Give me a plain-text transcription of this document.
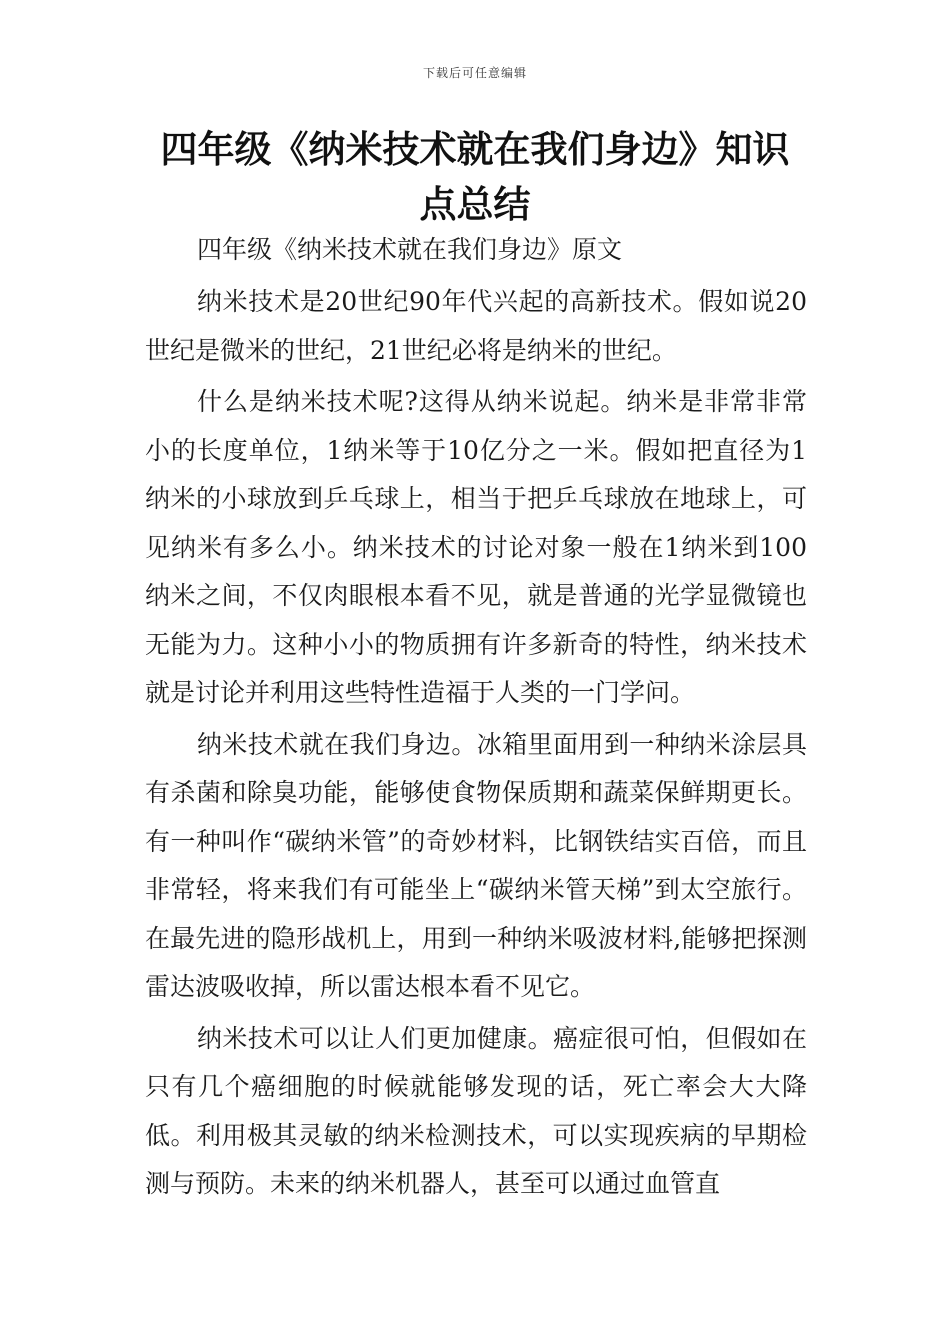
下载后可任意编辑
四年级《纳米技术就在我们身边》知识点总结

四年级《纳米技术就在我们身边》原文

纳米技术是20世纪90年代兴起的高新技术。假如说20世纪是微米的世纪，21世纪必将是纳米的世纪。

什么是纳米技术呢?这得从纳米说起。纳米是非常非常小的长度单位，1纳米等于10亿分之一米。假如把直径为1纳米的小球放到乒乓球上，相当于把乒乓球放在地球上，可见纳米有多么小。纳米技术的讨论对象一般在1纳米到100纳米之间，不仅肉眼根本看不见，就是普通的光学显微镜也无能为力。这种小小的物质拥有许多新奇的特性，纳米技术就是讨论并利用这些特性造福于人类的一门学问。

纳米技术就在我们身边。冰箱里面用到一种纳米涂层具有杀菌和除臭功能，能够使食物保质期和蔬菜保鲜期更长。有一种叫作“碳纳米管”的奇妙材料，比钢铁结实百倍，而且非常轻，将来我们有可能坐上“碳纳米管天梯”到太空旅行。在最先进的隐形战机上，用到一种纳米吸波材料,能够把探测雷达波吸收掉，所以雷达根本看不见它。

纳米技术可以让人们更加健康。癌症很可怕，但假如在只有几个癌细胞的时候就能够发现的话，死亡率会大大降低。利用极其灵敏的纳米检测技术，可以实现疾病的早期检测与预防。未来的纳米机器人，甚至可以通过血管直
